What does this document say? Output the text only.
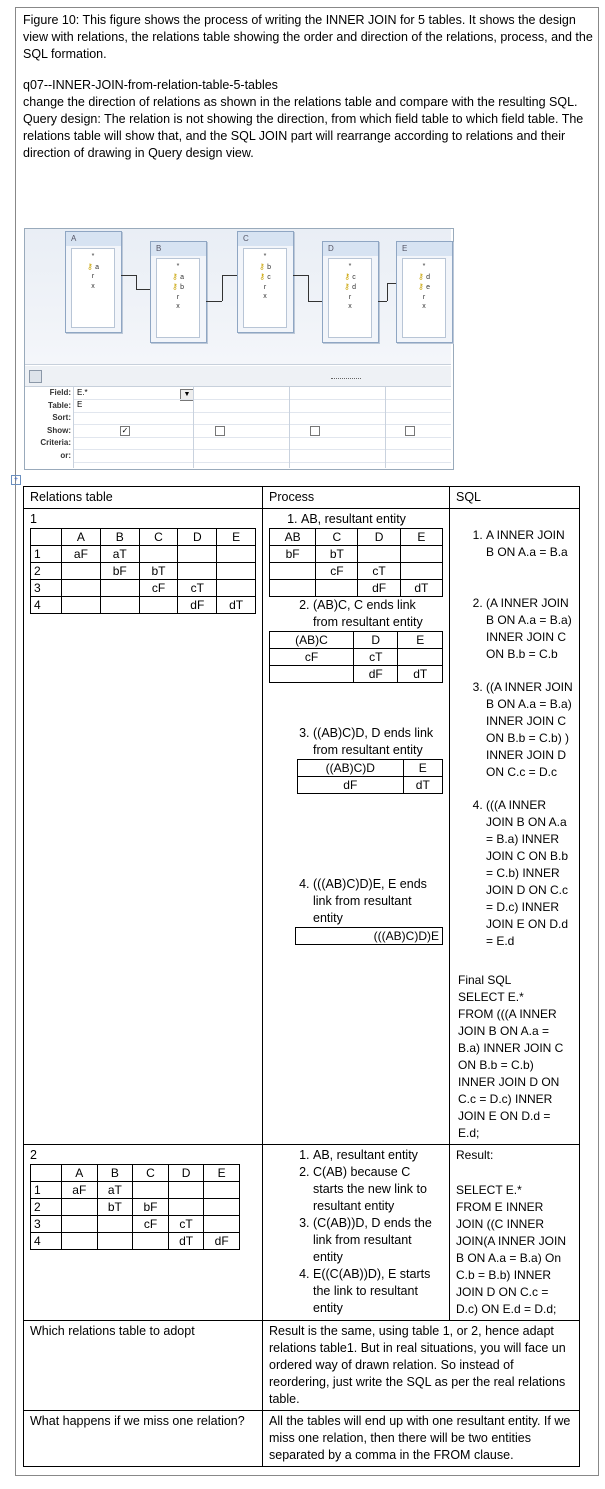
Figure 10: This figure shows the process of writing the INNER JOIN for 5 tables. It shows the design view with relations, the relations table showing the order and direction of the relations, process, and the SQL formation.

q07--INNER-JOIN-from-relation-table-5-tables

change the direction of relations as shown in the relations table and compare with the resulting SQL.

Query design: The relation is not showing the direction, from which field table to which field table. The relations table will show that, and the SQL JOIN part will rearrange according to relations and their direction of drawing in Query design view.

A
*
⚷ a
r
x
B
*
⚷ a
⚷ b
r
x
C
*
⚷ b
⚷ c
r
x
D
*
⚷ c
⚷ d
r
x
E
*
⚷ d
⚷ e
r
x
▼
Field:
Table:
Sort:
Show:
Criteria:
or:
E.*
E
✓
+
Relations table	Process	SQL

1
	A	B	C	D	E
1	aF	aT			
2		bF	bT		
3			cF	cT	
4				dF	dT

1. AB, resultant entity
AB	C	D	E
bF	bT		
	cF	cT	
		dF	dT
2. (AB)C, C ends link from resultant entity
(AB)C	D	E
cF	cT	
	dF	dT
3. ((AB)C)D, D ends link from resultant entity
((AB)C)D	E
dF	dT
4. (((AB)C)D)E, E ends link from resultant entity
(((AB)C)D)E

1. A INNER JOIN B ON A.a = B.a
2. (A INNER JOIN B ON A.a = B.a) INNER JOIN C ON B.b = C.b
3. ((A INNER JOIN B ON A.a = B.a) INNER JOIN C ON B.b = C.b) ) INNER JOIN D ON C.c = D.c
4. (((A INNER JOIN B ON A.a = B.a) INNER JOIN C ON B.b = C.b) INNER JOIN D ON C.c = D.c) INNER JOIN E ON D.d = E.d
Final SQL
SELECT E.*
FROM (((A INNER JOIN B ON A.a = B.a) INNER JOIN C ON B.b = C.b) INNER JOIN D ON C.c = D.c) INNER JOIN E ON D.d = E.d;

2
	A	B	C	D	E
1	aF	aT			
2		bT	bF		
3			cF	cT	
4				dT	dF

1. AB, resultant entity
2. C(AB) because C starts the new link to resultant entity
3. (C(AB))D, D ends the link from resultant entity
4. E((C(AB))D), E starts the link to resultant entity

Result:
SELECT E.*
FROM E INNER JOIN ((C INNER JOIN(A INNER JOIN B ON A.a = B.a) On C.b = B.b) INNER JOIN D ON C.c = D.c) ON E.d = D.d;

Which relations table to adopt	Result is the same, using table 1, or 2, hence adapt relations table1. But in real situations, you will face un ordered way of drawn relation. So instead of reordering, just write the SQL as per the real relations table.
What happens if we miss one relation?	All the tables will end up with one resultant entity. If we miss one relation, then there will be two entities separated by a comma in the FROM clause.
